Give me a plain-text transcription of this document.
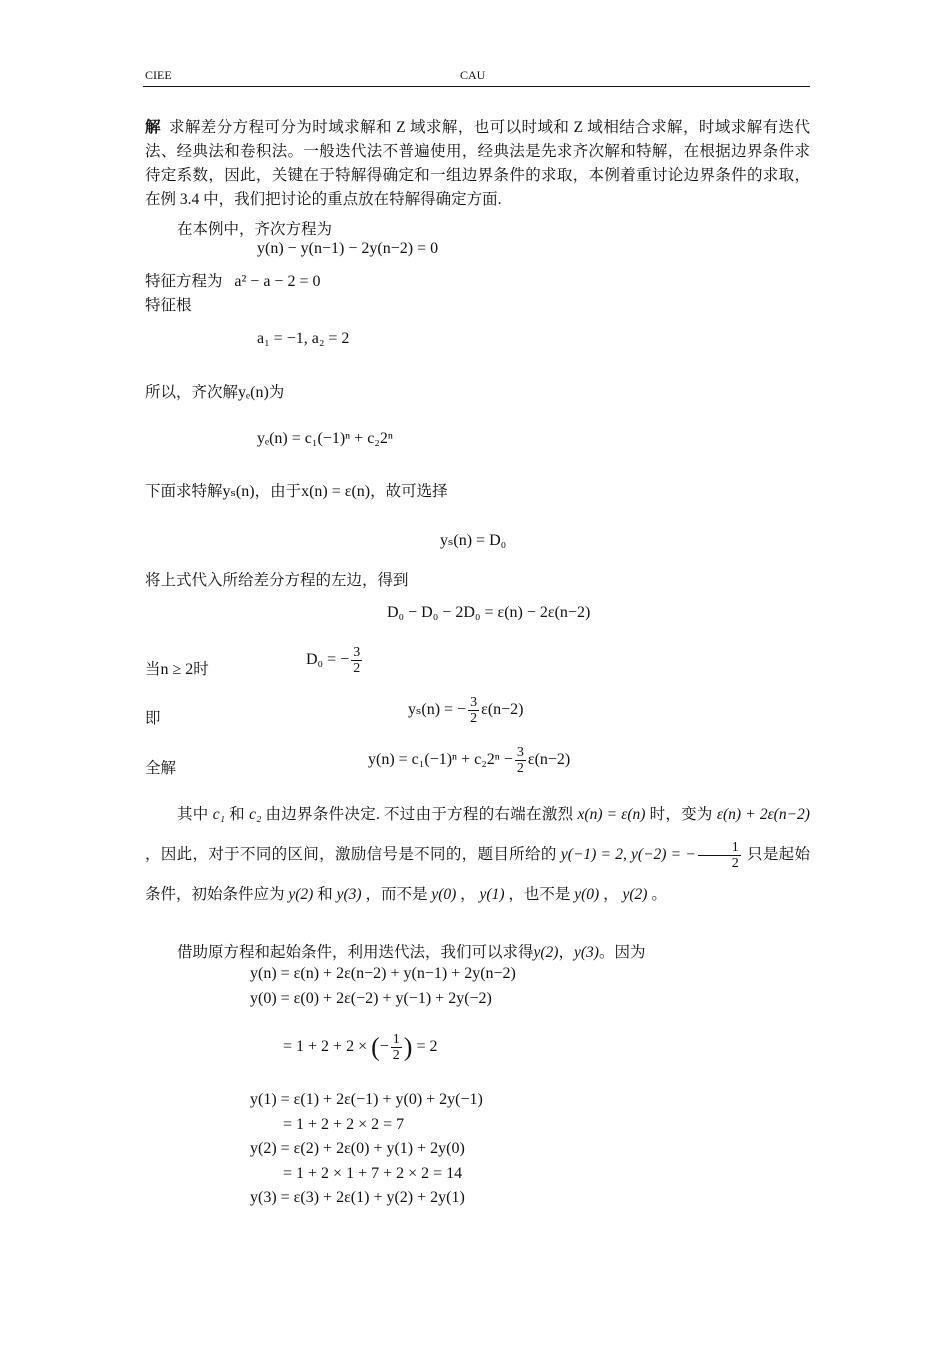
CIEE	CAU
解 求解差分方程可分为时域求解和 Z 域求解，也可以时域和 Z 域相结合求解，时域求解有迭代法、经典法和卷积法。一般迭代法不普遍使用，经典法是先求齐次解和特解，在根据边界条件求待定系数，因此，关键在于特解得确定和一组边界条件的求取，本例着重讨论边界条件的求取，在例 3.4 中，我们把讨论的重点放在特解得确定方面.
在本例中，齐次方程为
y(n) − y(n−1) − 2y(n−2) = 0
特征方程为 a² − a − 2 = 0
特征根
a₁ = −1, a₂ = 2
所以，齐次解yₑ(n)为
yₑ(n) = c₁(−1)ⁿ + c₂2ⁿ
下面求特解yₛ(n)，由于x(n) = ε(n)，故可选择
yₛ(n) = D₀
将上式代入所给差分方程的左边，得到
D₀ − D₀ − 2D₀ = ε(n) − 2ε(n−2)
当n ≥ 2时
D₀ = − $\frac{3}{2}$
即
yₛ(n) = − $\frac{3}{2} \varepsilon(n-2)$
全解
$y(n) = c_1(-1)^n + c_22^n - \frac{3}{2} \varepsilon(n-2)$
其中 c₁ 和 c₂ 由边界条件决定. 不过由于方程的右端在激烈 x(n) = ε(n) 时，变为 ε(n) + 2ε(n−2) ，因此，对于不同的区间，激励信号是不同的，题目所给的 y(−1) = 2, y(−2) = − $\frac{1}{2}$ 只是起始条件，初始条件应为 y(2) 和 y(3) ，而不是 y(0) ， y(1) ，也不是 y(0) ， y(2) 。
借助原方程和起始条件，利用迭代法，我们可以求得y(2)，y(3)。因为
y(n) = ε(n) + 2ε(n−2) + y(n−1) + 2y(n−2)
y(0) = ε(0) + 2ε(−2) + y(−1) + 2y(−2)
= 1 + 2 + 2 × (− $\frac{1}{2}$ ) = 2
y(1) = ε(1) + 2ε(−1) + y(0) + 2y(−1)
= 1 + 2 + 2 × 2 = 7
y(2) = ε(2) + 2ε(0) + y(1) + 2y(0)
= 1 + 2 × 1 + 7 + 2 × 2 = 14
y(3) = ε(3) + 2ε(1) + y(2) + 2y(1)
